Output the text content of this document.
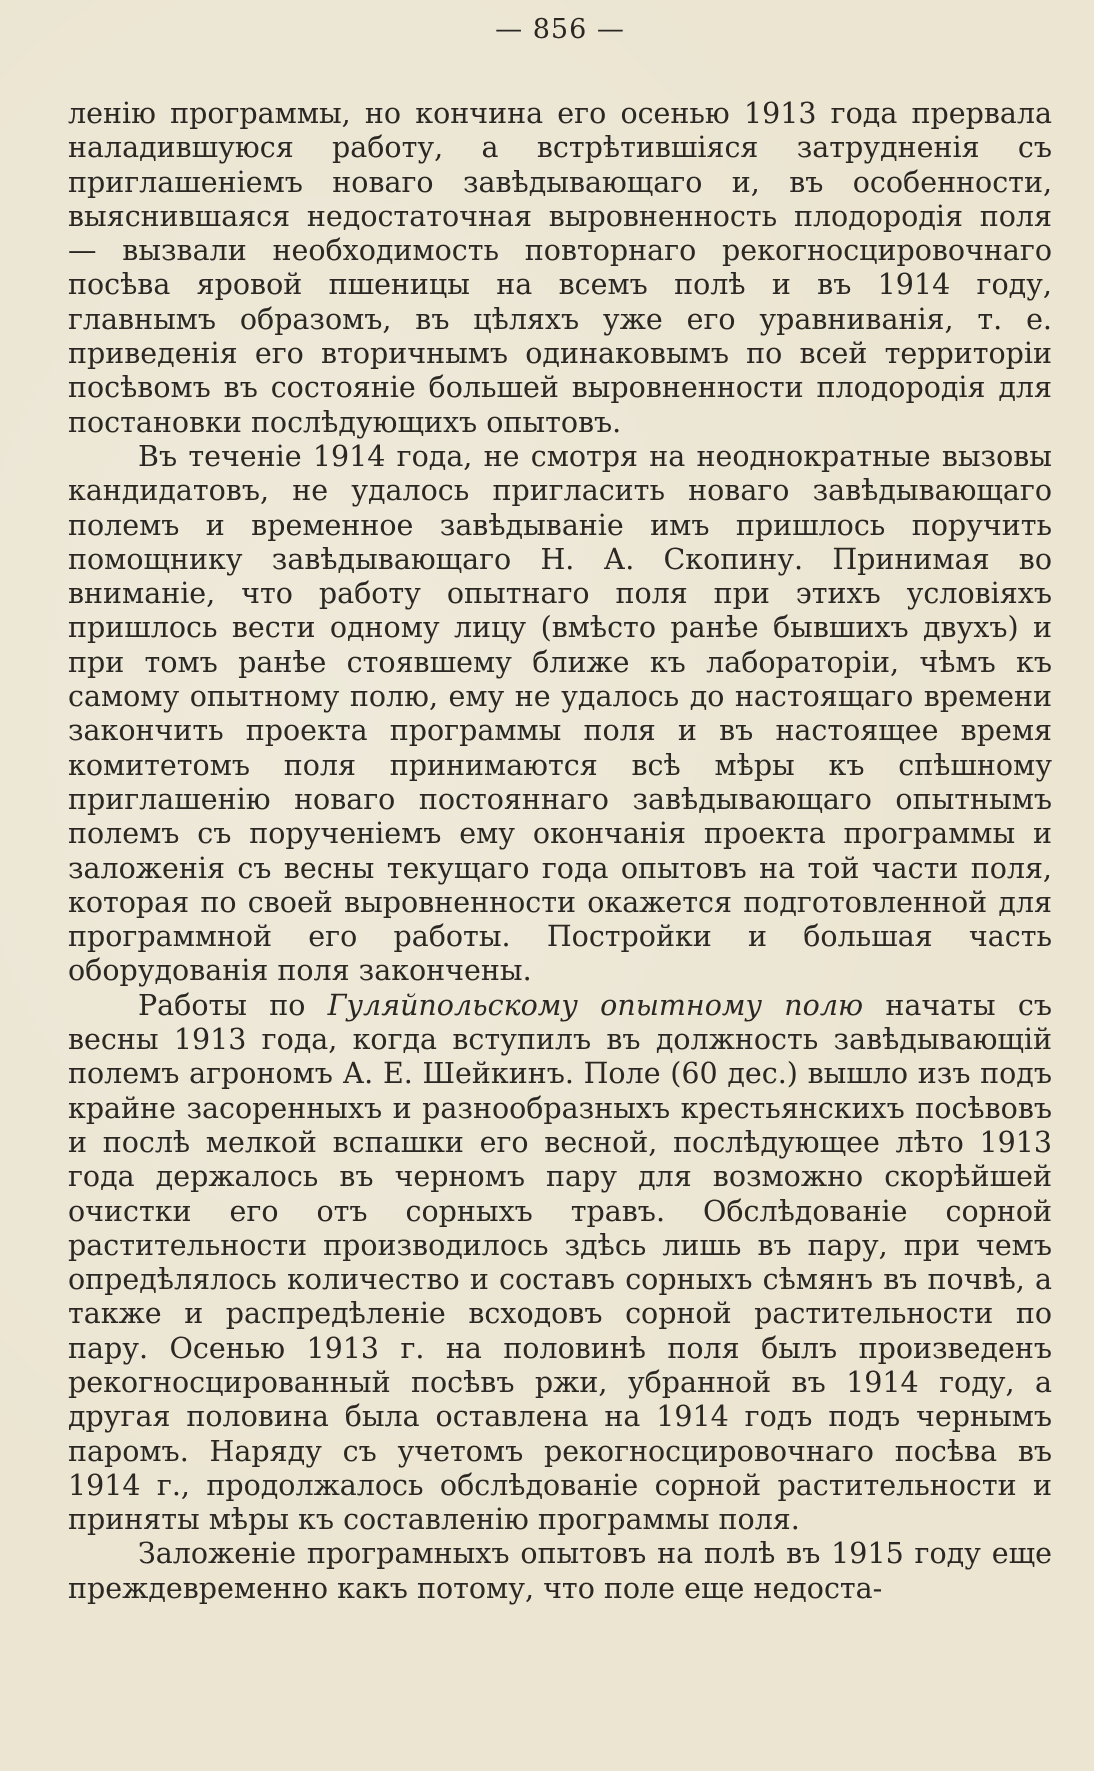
— 856 —

ленію программы, но кончина его осенью 1913 года прервала наладившуюся работу, а встрѣтившіяся затрудненія съ приглашеніемъ новаго завѣдывающаго и, въ особенности, выяснившаяся недостаточная выровненность плодородія поля — вызвали необходимость повторнаго рекогносцировочнаго посѣва яровой пшеницы на всемъ полѣ и въ 1914 году, главнымъ образомъ, въ цѣляхъ уже его уравниванія, т. е. приведенія его вторичнымъ одинаковымъ по всей территоріи посѣвомъ въ состояніе большей выровненности плодородія для постановки послѣдующихъ опытовъ.

Въ теченіе 1914 года, не смотря на неоднократные вызовы кандидатовъ, не удалось пригласить новаго завѣдывающаго полемъ и временное завѣдываніе имъ пришлось поручить помощнику завѣдывающаго Н. А. Скопину. Принимая во вниманіе, что работу опытнаго поля при этихъ условіяхъ пришлось вести одному лицу (вмѣсто ранѣе бывшихъ двухъ) и при томъ ранѣе стоявшему ближе къ лабораторіи, чѣмъ къ самому опытному полю, ему не удалось до настоящаго времени закончить проекта программы поля и въ настоящее время комитетомъ поля принимаются всѣ мѣры къ спѣшному приглашенію новаго постояннаго завѣдывающаго опытнымъ полемъ съ порученіемъ ему окончанія проекта программы и заложенія съ весны текущаго года опытовъ на той части поля, которая по своей выровненности окажется подготовленной для программной его работы. Постройки и большая часть оборудованія поля закончены.

Работы по Гуляйпольскому опытному полю начаты съ весны 1913 года, когда вступилъ въ должность завѣдывающій полемъ агрономъ А. Е. Шейкинъ. Поле (60 дес.) вышло изъ подъ крайне засоренныхъ и разнообразныхъ крестьянскихъ посѣвовъ и послѣ мелкой вспашки его весной, послѣдующее лѣто 1913 года держалось въ черномъ пару для возможно скорѣйшей очистки его отъ сорныхъ травъ. Обслѣдованіе сорной растительности производилось здѣсь лишь въ пару, при чемъ опредѣлялось количество и составъ сорныхъ сѣмянъ въ почвѣ, а также и распредѣленіе всходовъ сорной растительности по пару. Осенью 1913 г. на половинѣ поля былъ произведенъ рекогносцированный посѣвъ ржи, убранной въ 1914 году, а другая половина была оставлена на 1914 годъ подъ чернымъ паромъ. Наряду съ учетомъ рекогносцировочнаго посѣва въ 1914 г., продолжалось обслѣдованіе сорной растительности и приняты мѣры къ составленію программы поля.

Заложеніе програмныхъ опытовъ на полѣ въ 1915 году еще преждевременно какъ потому, что поле еще недоста-
